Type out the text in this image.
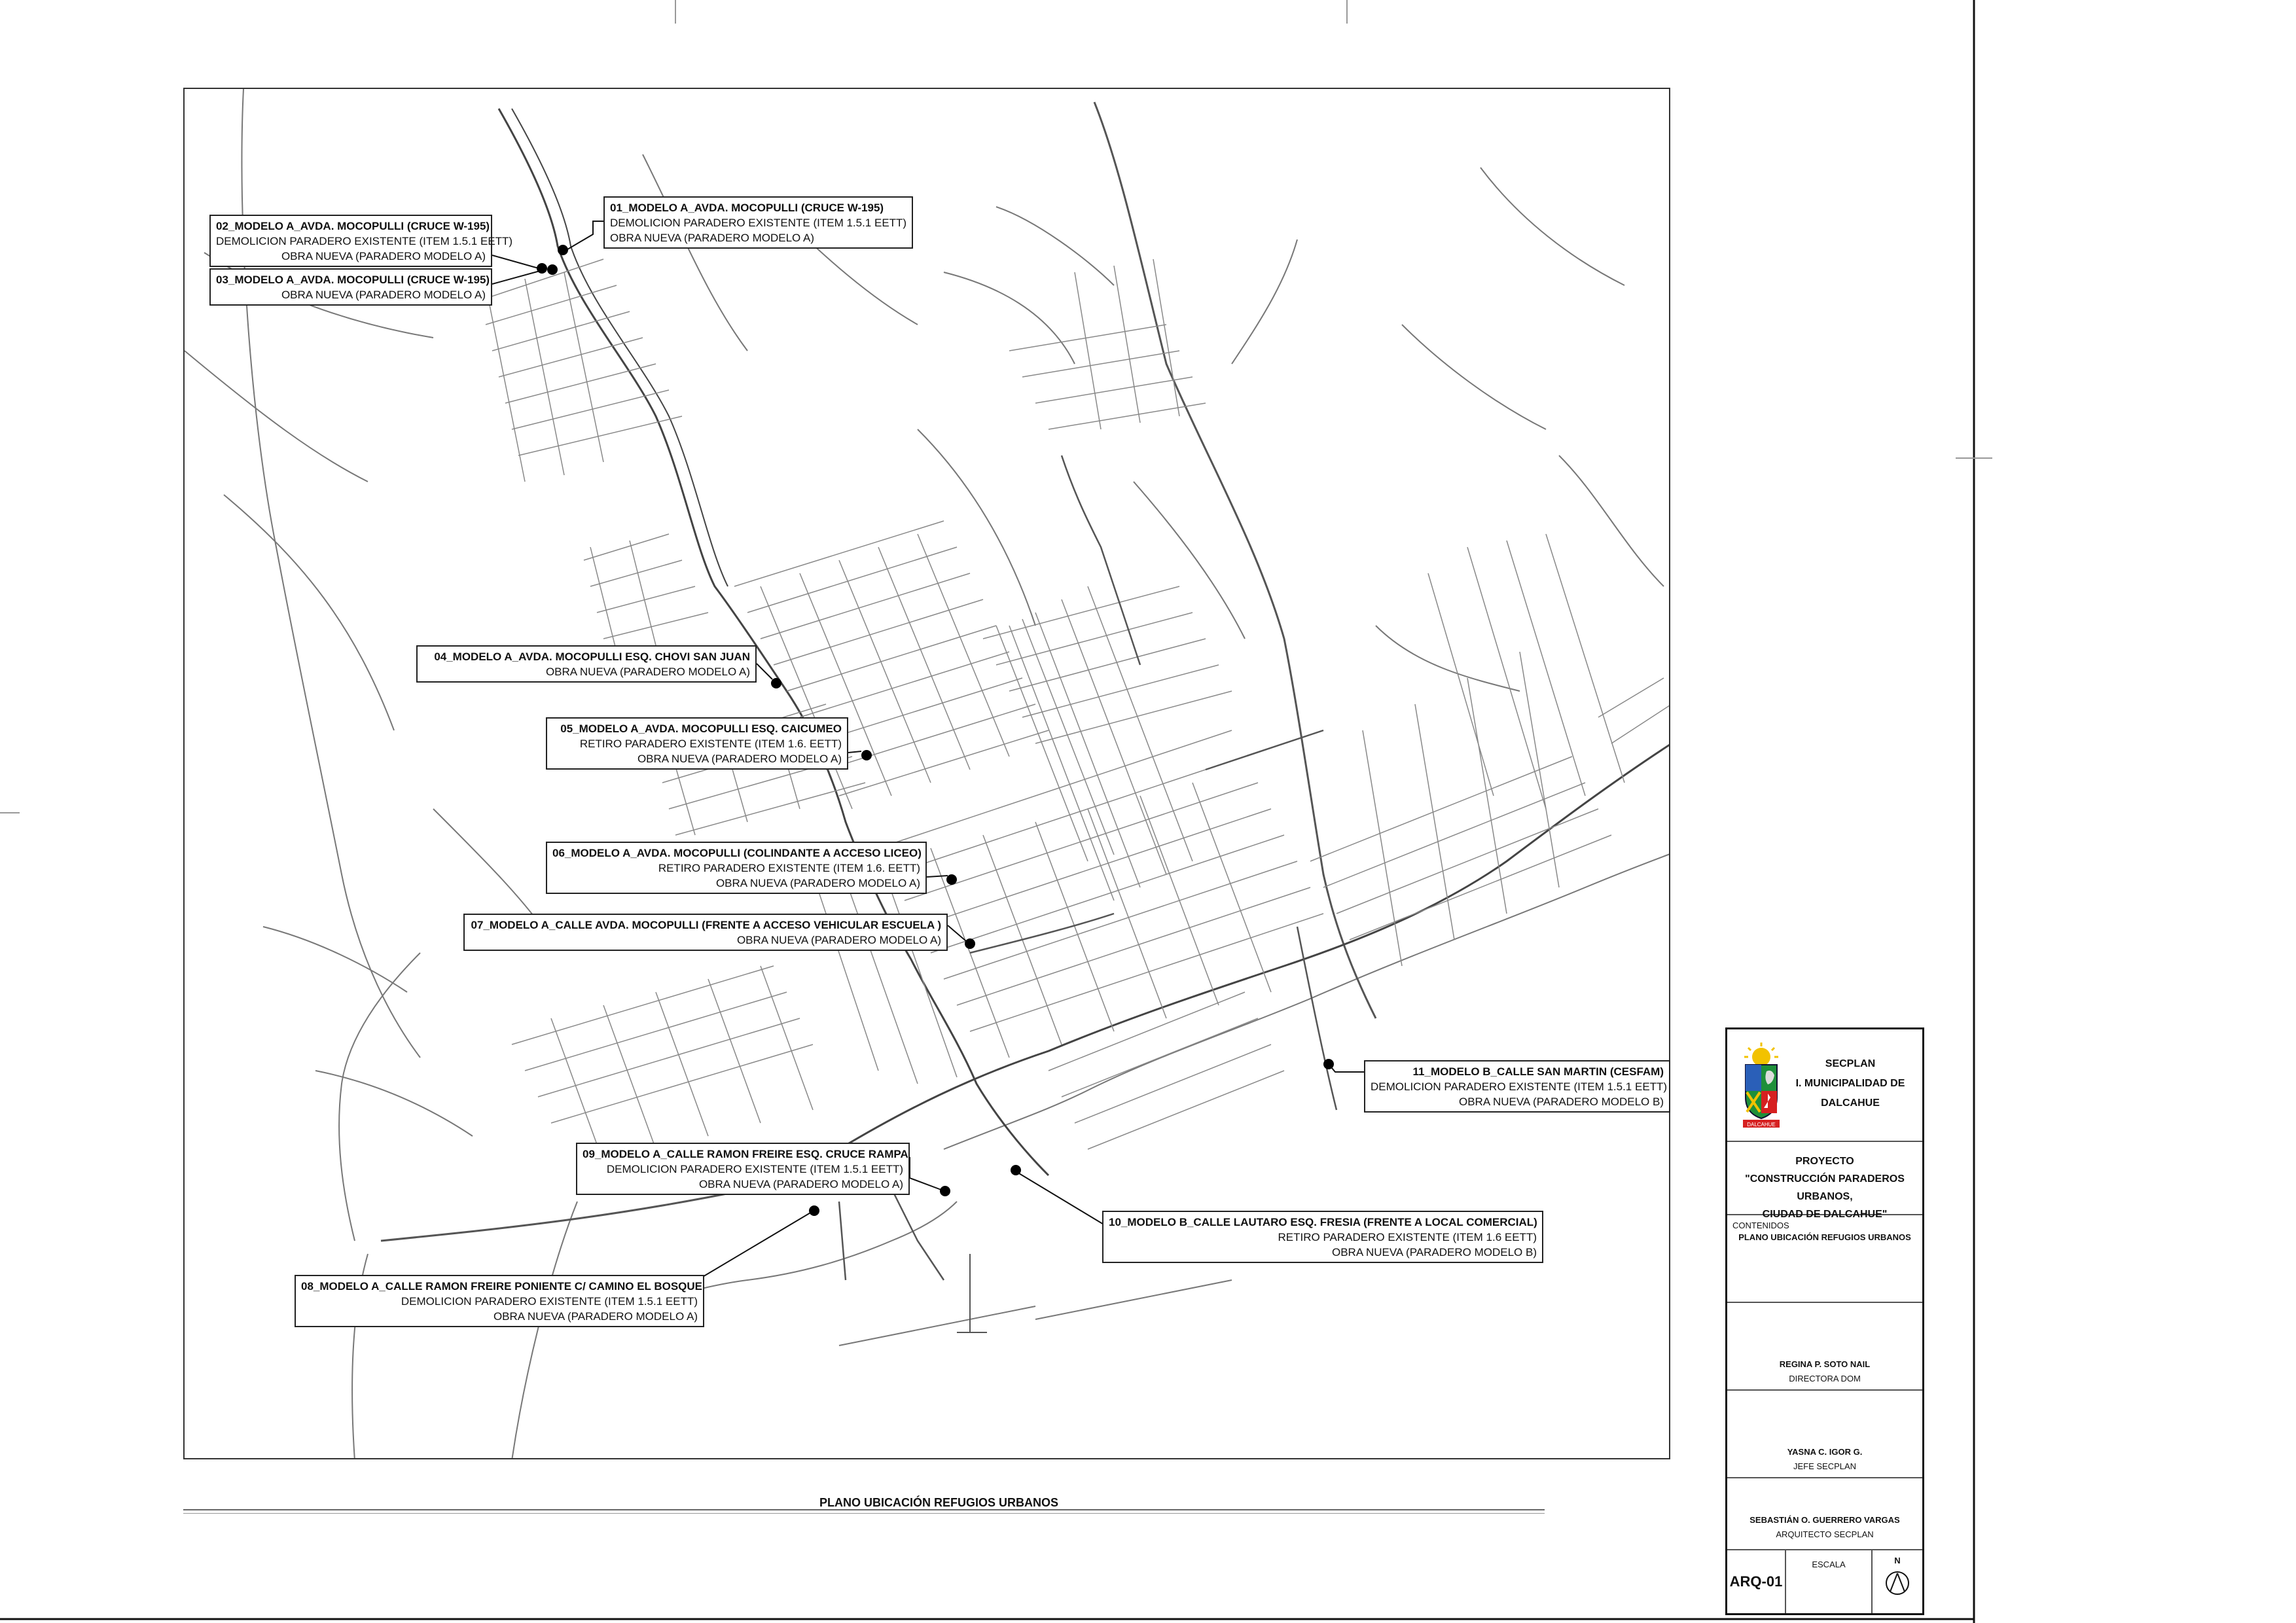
01_MODELO A_AVDA. MOCOPULLI (CRUCE W-195)
DEMOLICION PARADERO EXISTENTE (ITEM 1.5.1 EETT)
OBRA NUEVA (PARADERO MODELO A)
02_MODELO A_AVDA. MOCOPULLI (CRUCE W-195)
DEMOLICION PARADERO EXISTENTE (ITEM 1.5.1 EETT)
OBRA NUEVA (PARADERO MODELO A)
03_MODELO A_AVDA. MOCOPULLI (CRUCE W-195)
OBRA NUEVA (PARADERO MODELO A)
04_MODELO A_AVDA. MOCOPULLI ESQ. CHOVI SAN JUAN
OBRA NUEVA (PARADERO MODELO A)
05_MODELO A_AVDA. MOCOPULLI ESQ. CAICUMEO
RETIRO PARADERO EXISTENTE (ITEM 1.6. EETT)
OBRA NUEVA (PARADERO MODELO A)
06_MODELO A_AVDA. MOCOPULLI (COLINDANTE A ACCESO LICEO)
RETIRO PARADERO EXISTENTE (ITEM 1.6. EETT)
OBRA NUEVA (PARADERO MODELO A)
07_MODELO A_CALLE AVDA. MOCOPULLI (FRENTE A ACCESO VEHICULAR ESCUELA )
OBRA NUEVA (PARADERO MODELO A)
08_MODELO A_CALLE RAMON FREIRE PONIENTE C/ CAMINO EL BOSQUE
DEMOLICION PARADERO EXISTENTE (ITEM 1.5.1 EETT)
OBRA NUEVA (PARADERO MODELO A)
09_MODELO A_CALLE RAMON FREIRE ESQ. CRUCE RAMPA
DEMOLICION PARADERO EXISTENTE (ITEM 1.5.1 EETT)
OBRA NUEVA (PARADERO MODELO A)
10_MODELO B_CALLE LAUTARO ESQ. FRESIA (FRENTE A LOCAL COMERCIAL)
RETIRO PARADERO EXISTENTE (ITEM 1.6 EETT)
OBRA NUEVA (PARADERO MODELO B)
11_MODELO B_CALLE SAN MARTIN (CESFAM)
DEMOLICION PARADERO EXISTENTE (ITEM 1.5.1 EETT)
OBRA NUEVA (PARADERO MODELO B)
PLANO UBICACIÓN REFUGIOS URBANOS
DALCAHUE
SECPLAN
I. MUNICIPALIDAD DE
DALCAHUE
PROYECTO
"CONSTRUCCIÓN PARADEROS URBANOS,
CIUDAD DE DALCAHUE"
CONTENIDOS
PLANO UBICACIÓN REFUGIOS URBANOS
REGINA P. SOTO NAIL
DIRECTORA DOM
YASNA C. IGOR G.
JEFE SECPLAN
SEBASTIÁN O. GUERRERO VARGAS
ARQUITECTO SECPLAN
ARQ-01
ESCALA	N
